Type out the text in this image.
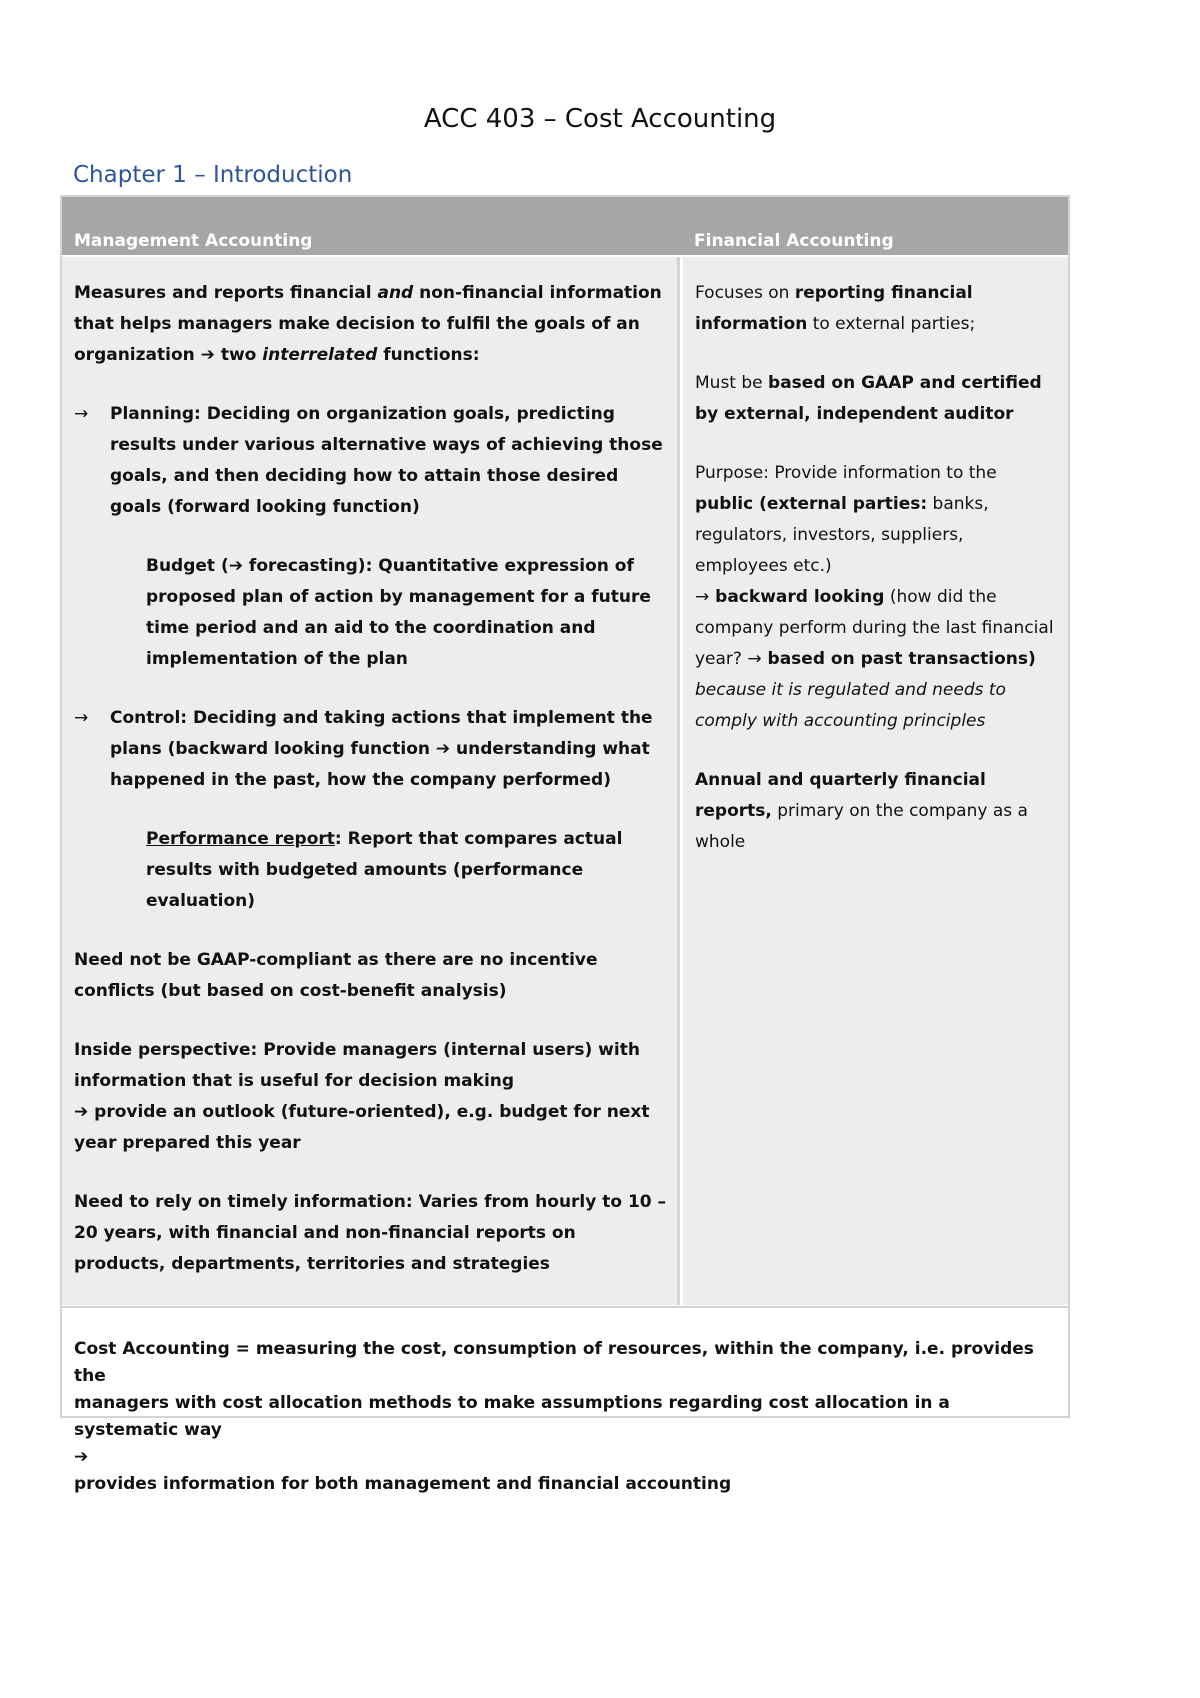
ACC 403 – Cost Accounting
Chapter 1 – Introduction
Management Accounting	Financial Accounting

Measures and reports financial and non-financial information that helps managers make decision to fulfil the goals of an organization ➔ two interrelated functions:

→ Planning: Deciding on organization goals, predicting results under various alternative ways of achieving those goals, and then deciding how to attain those desired goals (forward looking function)
Budget (➔ forecasting): Quantitative expression of proposed plan of action by management for a future time period and an aid to the coordination and implementation of the plan
→ Control: Deciding and taking actions that implement the plans (backward looking function ➔ understanding what happened in the past, how the company performed)
Performance report: Report that compares actual results with budgeted amounts (performance evaluation)

Need not be GAAP-compliant as there are no incentive conflicts (but based on cost-benefit analysis)

Inside perspective: Provide managers (internal users) with information that is useful for decision making
➔ provide an outlook (future-oriented), e.g. budget for next year prepared this year

Need to rely on timely information: Varies from hourly to 10 – 20 years, with financial and non-financial reports on products, departments, territories and strategies

Focuses on reporting financial information to external parties;

Must be based on GAAP and certified by external, independent auditor

Purpose: Provide information to the public (external parties: banks, regulators, investors, suppliers, employees etc.)
→ backward looking (how did the company perform during the last financial year? → based on past transactions) because it is regulated and needs to comply with accounting principles

Annual and quarterly financial reports, primary on the company as a whole

Cost Accounting = measuring the cost, consumption of resources, within the company, i.e. provides the
managers with cost allocation methods to make assumptions regarding cost allocation in a systematic way
➔
provides information for both management and financial accounting
